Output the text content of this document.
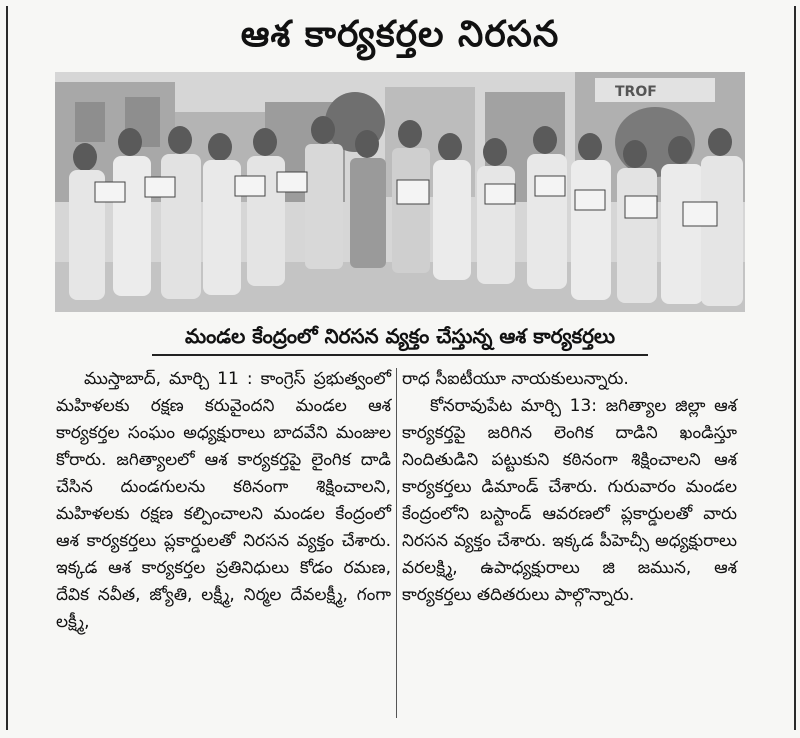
ఆశ కార్యకర్తల నిరసన
TROF
మండల కేంద్రంలో నిరసన వ్యక్తం చేస్తున్న ఆశ కార్యకర్తలు

ముస్తాబాద్, మార్చి 11 : కాంగ్రెస్ ప్రభుత్వంలో మహిళలకు రక్షణ కరువైందని మండల ఆశ కార్యకర్తల సంఘం అధ్యక్షురాలు బాదవేని మంజుల కోరారు. జగిత్యాలలో ఆశ కార్యకర్తపై లైంగిక దాడి చేసిన దుండగులను కఠినంగా శిక్షించాలని, మహిళలకు రక్షణ కల్పించాలని మండల కేంద్రంలో ఆశ కార్యకర్తలు ప్లకార్డులతో నిరసన వ్యక్తం చేశారు. ఇక్కడ ఆశ కార్యకర్తల ప్రతినిధులు కోడం రమణ, దేవిక నవీత, జ్యోతి, లక్ష్మీ, నిర్మల దేవలక్ష్మీ, గంగా లక్ష్మీ,

రాధ సీఐటీయూ నాయకులున్నారు.

కోనరావుపేట మార్చి 13: జగిత్యాల జిల్లా ఆశ కార్యకర్తపై జరిగిన లెంగిక దాడిని ఖండిస్తూ నిందితుడిని పట్టుకుని కఠినంగా శిక్షించాలని ఆశ కార్యకర్తలు డిమాండ్ చేశారు. గురువారం మండల కేంద్రంలోని బస్టాండ్ ఆవరణలో ప్లకార్డులతో వారు నిరసన వ్యక్తం చేశారు. ఇక్కడ పీహెచ్సీ అధ్యక్షురాలు వరలక్ష్మి, ఉపాధ్యక్షురాలు జి జమున, ఆశ కార్యకర్తలు తదితరులు పాల్గొన్నారు.
